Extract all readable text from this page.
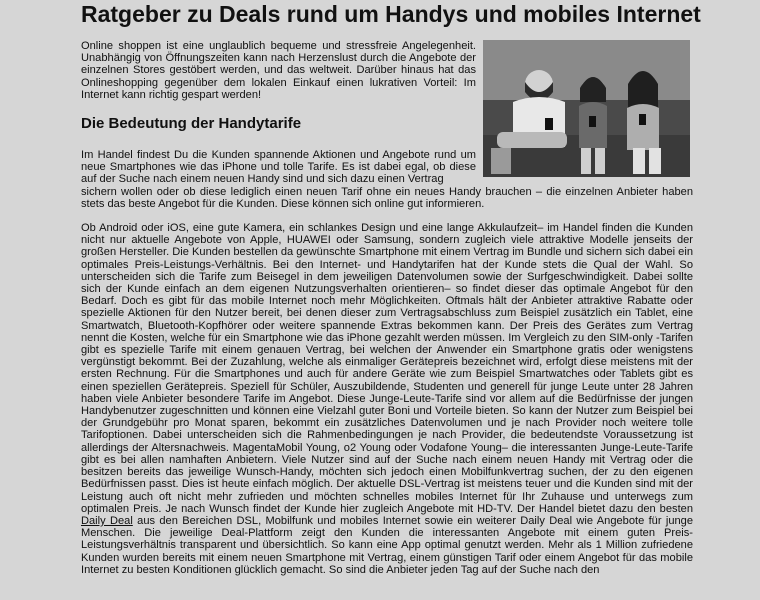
Ratgeber zu Deals rund um Handys und mobiles Internet

Online shoppen ist eine unglaublich bequeme und stressfreie Angelegenheit. Unabhängig von Öffnungszeiten kann nach Herzenslust durch die Angebote der einzelnen Stores gestöbert werden, und das weltweit. Darüber hinaus hat das Onlineshopping gegenüber dem lokalen Einkauf einen lukrativen Vorteil: Im Internet kann richtig gespart werden!

Die Bedeutung der Handytarife

Im Handel findest Du die Kunden spannende Aktionen und Angebote rund um neue Smartphones wie das iPhone und tolle Tarife. Es ist dabei egal, ob diese auf der Suche nach einem neuen Handy sind und sich dazu einen Vertrag
sichern wollen oder ob diese lediglich einen neuen Tarif ohne ein neues Handy brauchen – die einzelnen Anbieter haben stets das beste Angebot für die Kunden. Diese können sich online gut informieren.

Ob Android oder iOS, eine gute Kamera, ein schlankes Design und eine lange Akkulaufzeit– im Handel finden die Kunden nicht nur aktuelle Angebote von Apple, HUAWEI oder Samsung, sondern zugleich viele attraktive Modelle jenseits der großen Hersteller. Die Kunden bestellen da gewünschte Smartphone mit einem Vertrag im Bundle und sichern sich dabei ein optimales Preis-Leistungs-Verhältnis. Bei den Internet- und Handytarifen hat der Kunde stets die Qual der Wahl. So unterscheiden sich die Tarife zum Beisegel in dem jeweiligen Datenvolumen sowie der Surfgeschwindigkeit. Dabei sollte sich der Kunde einfach an dem eigenen Nutzungsverhalten orientieren– so findet dieser das optimale Angebot für den Bedarf. Doch es gibt für das mobile Internet noch mehr Möglichkeiten. Oftmals hält der Anbieter attraktive Rabatte oder spezielle Aktionen für den Nutzer bereit, bei denen dieser zum Vertragsabschluss zum Beispiel zusätzlich ein Tablet, eine Smartwatch, Bluetooth-Kopfhörer oder weitere spannende Extras bekommen kann. Der Preis des Gerätes zum Vertrag nennt die Kosten, welche für ein Smartphone wie das iPhone gezahlt werden müssen. Im Vergleich zu den SIM-only -Tarifen gibt es spezielle Tarife mit einem genauen Vertrag, bei welchen der Anwender ein Smartphone gratis oder wenigstens vergünstigt bekommt. Bei der Zuzahlung, welche als einmaliger Gerätepreis bezeichnet wird, erfolgt diese meistens mit der ersten Rechnung. Für die Smartphones und auch für andere Geräte wie zum Beispiel Smartwatches oder Tablets gibt es einen speziellen Gerätepreis. Speziell für Schüler, Auszubildende, Studenten und generell für junge Leute unter 28 Jahren haben viele Anbieter besondere Tarife im Angebot. Diese Junge-Leute-Tarife sind vor allem auf die Bedürfnisse der jungen Handybenutzer zugeschnitten und können eine Vielzahl guter Boni und Vorteile bieten. So kann der Nutzer zum Beispiel bei der Grundgebühr pro Monat sparen, bekommt ein zusätzliches Datenvolumen und je nach Provider noch weitere tolle Tarifoptionen. Dabei unterscheiden sich die Rahmenbedingungen je nach Provider, die bedeutendste Voraussetzung ist allerdings der Altersnachweis. MagentaMobil Young, o2 Young oder Vodafone Young– die interessanten Junge-Leute-Tarife gibt es bei allen namhaften Anbietern. Viele Nutzer sind auf der Suche nach einem neuen Handy mit Vertrag oder die besitzen bereits das jeweilige Wunsch-Handy, möchten sich jedoch einen Mobilfunkvertrag suchen, der zu den eigenen Bedürfnissen passt. Dies ist heute einfach möglich. Der aktuelle DSL-Vertrag ist meistens teuer und die Kunden sind mit der Leistung auch oft nicht mehr zufrieden und möchten schnelles mobiles Internet für Ihr Zuhause und unterwegs zum optimalen Preis. Je nach Wunsch findet der Kunde hier zugleich Angebote mit HD-TV. Der Handel bietet dazu den besten Daily Deal aus den Bereichen DSL, Mobilfunk und mobiles Internet sowie ein weiterer Daily Deal wie Angebote für junge Menschen. Die jeweilige Deal-Plattform zeigt den Kunden die interessanten Angebote mit einem guten Preis-Leistungsverhältnis transparent und übersichtlich. So kann eine App optimal genutzt werden. Mehr als 1 Million zufriedene Kunden wurden bereits mit einem neuen Smartphone mit Vertrag, einem günstigen Tarif oder einem Angebot für das mobile Internet zu besten Konditionen glücklich gemacht. So sind die Anbieter jeden Tag auf der Suche nach den
